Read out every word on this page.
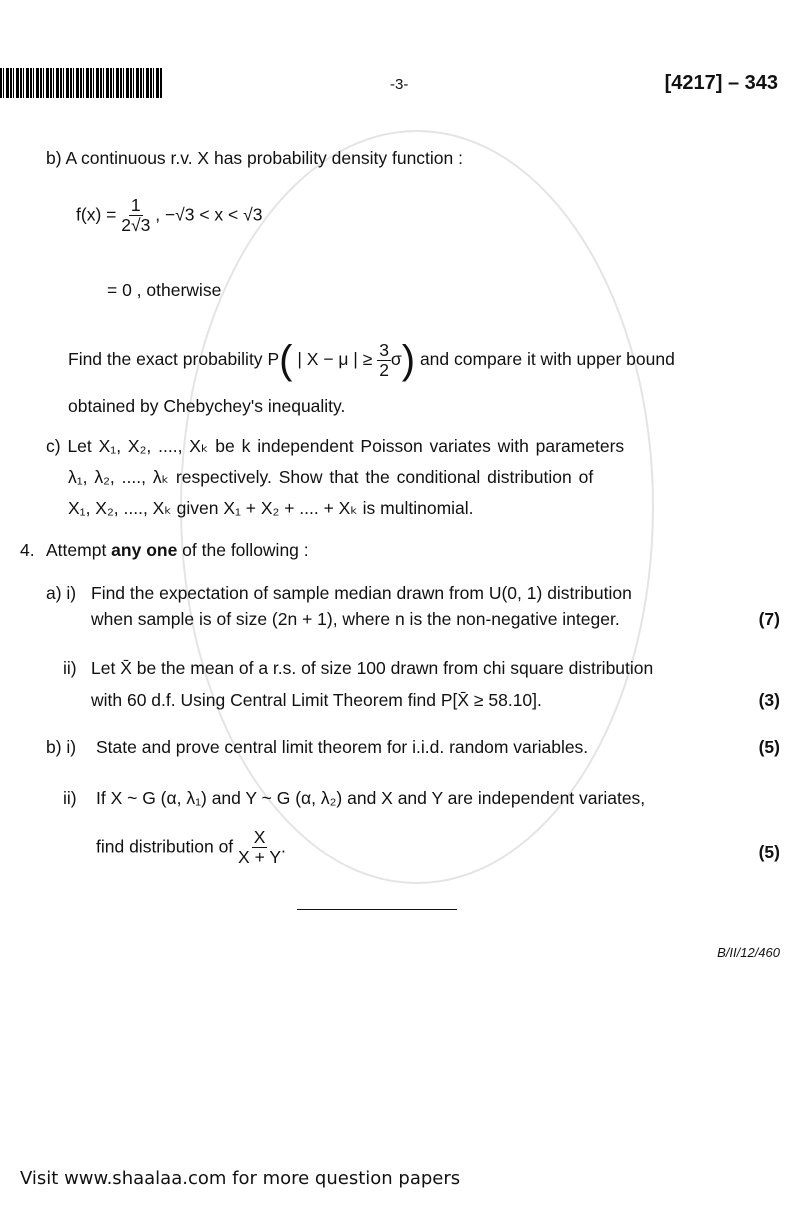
-3-	[4217] – 343
b) A continuous r.v. X has probability density function :
$f(x) = \frac{1}{2√3}$ , −√3 < x < √3
= 0 , otherwise
Find the exact probability P( | X − μ | ≥ $\frac{3}{2} \sigma$) and compare it with upper bound
obtained by Chebychey's inequality.
c) Let X₁, X₂, ...., Xₖ be k independent Poisson variates with parameters
λ₁, λ₂, ...., λₖ respectively. Show that the conditional distribution of
X₁, X₂, ...., Xₖ given X₁ + X₂ + .... + Xₖ is multinomial.
4. Attempt any one of the following :
a) i) Find the expectation of sample median drawn from U(0, 1) distribution
when sample is of size (2n + 1), where n is the non-negative integer.	(7)
ii) Let X̄ be the mean of a r.s. of size 100 drawn from chi square distribution
with 60 d.f. Using Central Limit Theorem find P[X̄ ≥ 58.10].	(3)
b) i) State and prove central limit theorem for i.i.d. random variables.	(5)
ii) If X ~ G (α, λ₁) and Y ~ G (α, λ₂) and X and Y are independent variates,
find distribution of $\frac{X}{X + Y}$ .	(5)
B/II/12/460
Visit www.shaalaa.com for more question papers
